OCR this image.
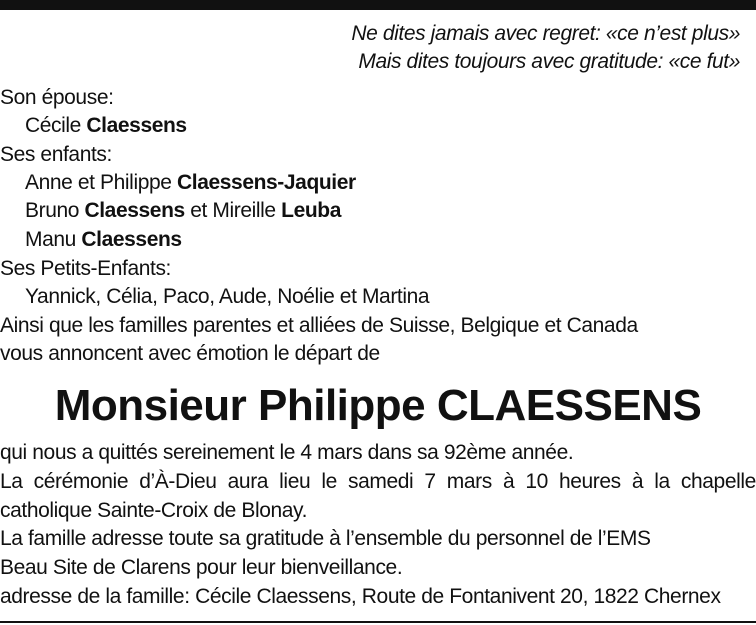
Ne dites jamais avec regret: «ce n’est plus»
Mais dites toujours avec gratitude: «ce fut»
Son épouse:
Cécile Claessens
Ses enfants:
Anne et Philippe Claessens-Jaquier
Bruno Claessens et Mireille Leuba
Manu Claessens
Ses Petits-Enfants:
Yannick, Célia, Paco, Aude, Noélie et Martina
Ainsi que les familles parentes et alliées de Suisse, Belgique et Canada
vous annoncent avec émotion le départ de
Monsieur Philippe CLAESSENS
qui nous a quittés sereinement le 4 mars dans sa 92ème année.
La cérémonie d’À-Dieu aura lieu le samedi 7 mars à 10 heures à la chapelle
catholique Sainte-Croix de Blonay.
La famille adresse toute sa gratitude à l’ensemble du personnel de l’EMS
Beau Site de Clarens pour leur bienveillance.
adresse de la famille: Cécile Claessens, Route de Fontanivent 20, 1822 Chernex
